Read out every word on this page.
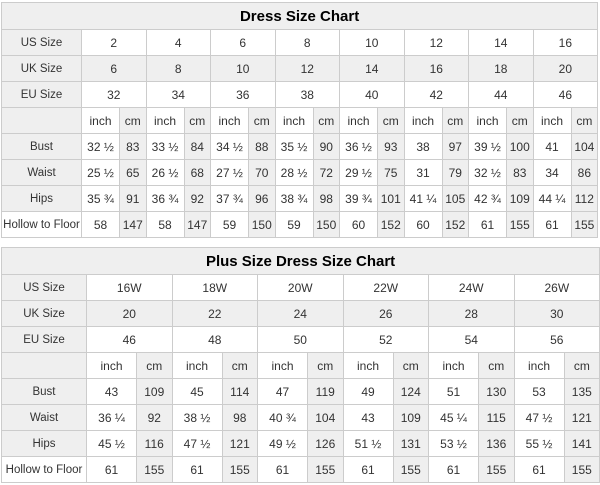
Dress Size Chart																
US Size	2		4		6		8		10		12		14		16	
UK Size	6		8		10		12		14		16		18		20	
EU Size	32		34		36		38		40		42		44		46	
	inch	cm	inch	cm	inch	cm	inch	cm	inch	cm	inch	cm	inch	cm	inch	cm
Bust	32 ½	83	33 ½	84	34 ½	88	35 ½	90	36 ½	93	38	97	39 ½	100	41	104
Waist	25 ½	65	26 ½	68	27 ½	70	28 ½	72	29 ½	75	31	79	32 ½	83	34	86
Hips	35 ¾	91	36 ¾	92	37 ¾	96	38 ¾	98	39 ¾	101	41 ¼	105	42 ¾	109	44 ¼	112
Hollow to Floor	58	147	58	147	59	150	59	150	60	152	60	152	61	155	61	155
Plus Size Dress Size Chart												
US Size	16W		18W		20W		22W		24W		26W	
UK Size	20		22		24		26		28		30	
EU Size	46		48		50		52		54		56	
	inch	cm	inch	cm	inch	cm	inch	cm	inch	cm	inch	cm
Bust	43	109	45	114	47	119	49	124	51	130	53	135
Waist	36 ¼	92	38 ½	98	40 ¾	104	43	109	45 ¼	115	47 ½	121
Hips	45 ½	116	47 ½	121	49 ½	126	51 ½	131	53 ½	136	55 ½	141
Hollow to Floor	61	155	61	155	61	155	61	155	61	155	61	155
